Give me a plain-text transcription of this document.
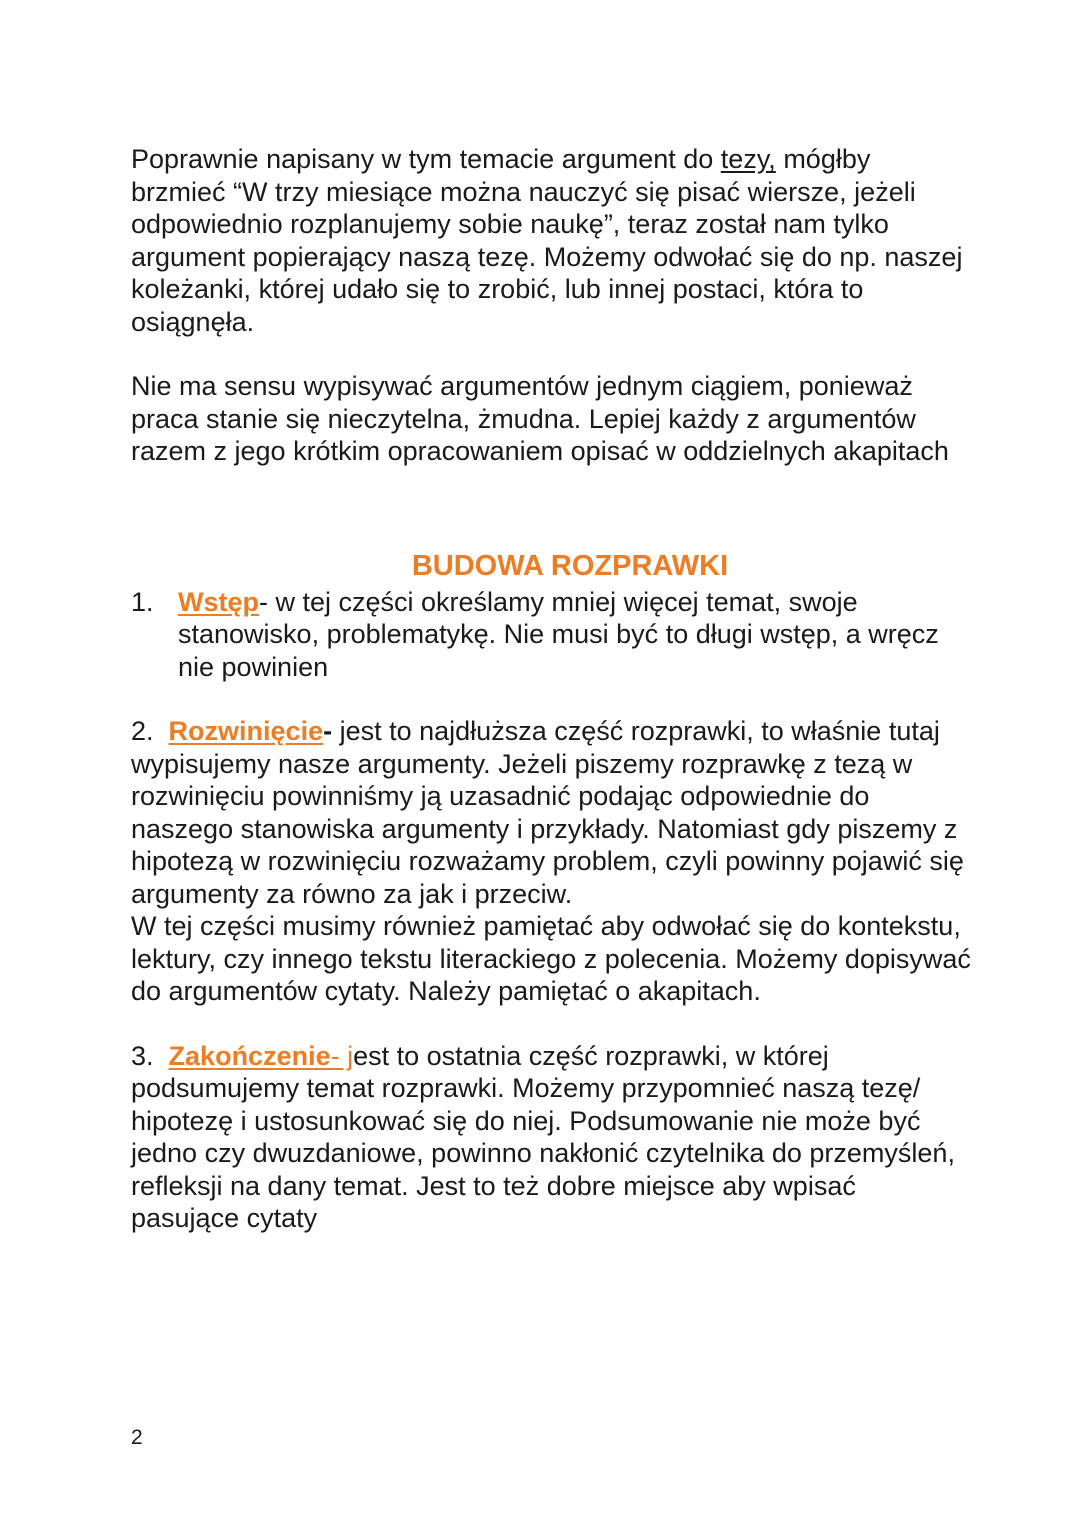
Poprawnie napisany w tym temacie argument do tezy, mógłby brzmieć “W trzy miesiące można nauczyć się pisać wiersze, jeżeli odpowiednio rozplanujemy sobie naukę”, teraz został nam tylko argument popierający naszą tezę. Możemy odwołać się do np. naszej koleżanki, której udało się to zrobić, lub innej postaci, która to osiągnęła.

Nie ma sensu wypisywać argumentów jednym ciągiem, ponieważ praca stanie się nieczytelna, żmudna. Lepiej każdy z argumentów razem z jego krótkim opracowaniem opisać w oddzielnych akapitach

BUDOWA ROZPRAWKI
1. Wstęp- w tej części określamy mniej więcej temat, swoje stanowisko, problematykę. Nie musi być to długi wstęp, a wręcz nie powinien

2. Rozwinięcie- jest to najdłuższa część rozprawki, to właśnie tutaj wypisujemy nasze argumenty. Jeżeli piszemy rozprawkę z tezą w rozwinięciu powinniśmy ją uzasadnić podając odpowiednie do naszego stanowiska argumenty i przykłady. Natomiast gdy piszemy z hipotezą w rozwinięciu rozważamy problem, czyli powinny pojawić się argumenty za równo za jak i przeciw.
W tej części musimy również pamiętać aby odwołać się do kontekstu, lektury, czy innego tekstu literackiego z polecenia. Możemy dopisywać do argumentów cytaty. Należy pamiętać o akapitach.

3. Zakończenie- jest to ostatnia część rozprawki, w której podsumujemy temat rozprawki. Możemy przypomnieć naszą tezę/ hipotezę i ustosunkować się do niej. Podsumowanie nie może być jedno czy dwuzdaniowe, powinno nakłonić czytelnika do przemyśleń, refleksji na dany temat. Jest to też dobre miejsce aby wpisać pasujące cytaty

2
